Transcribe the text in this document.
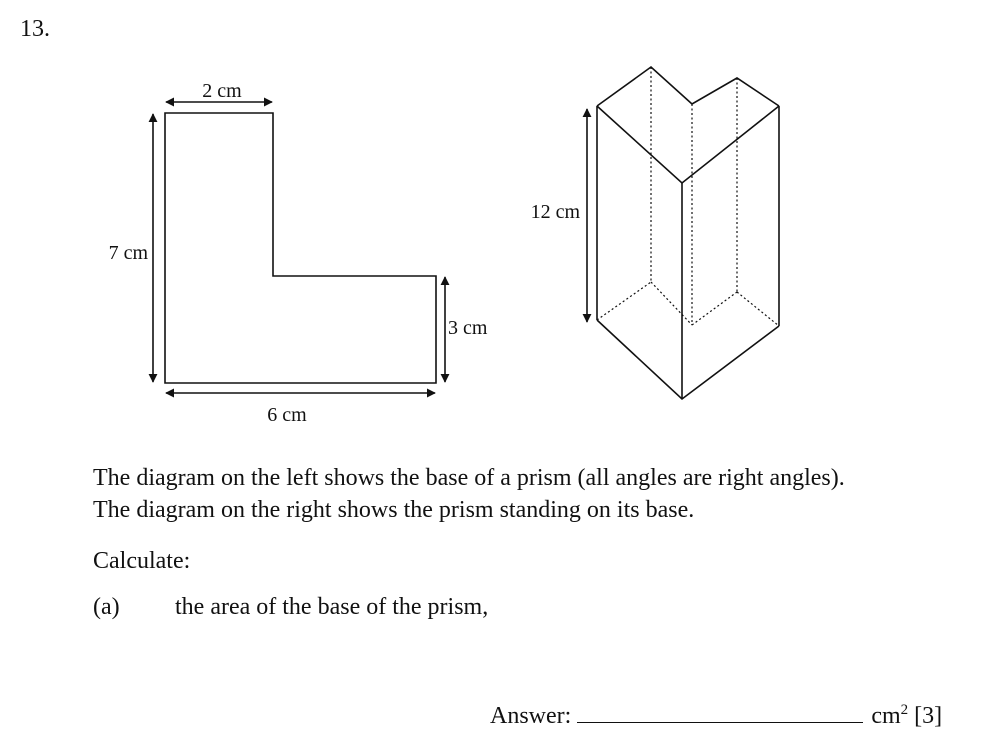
13.
2 cm
7 cm
3 cm
6 cm
12 cm
The diagram on the left shows the base of a prism (all angles are right angles).
The diagram on the right shows the prism standing on its base.
Calculate:
(a) the area of the base of the prism,
Answer:	$cm^2$ [3]
